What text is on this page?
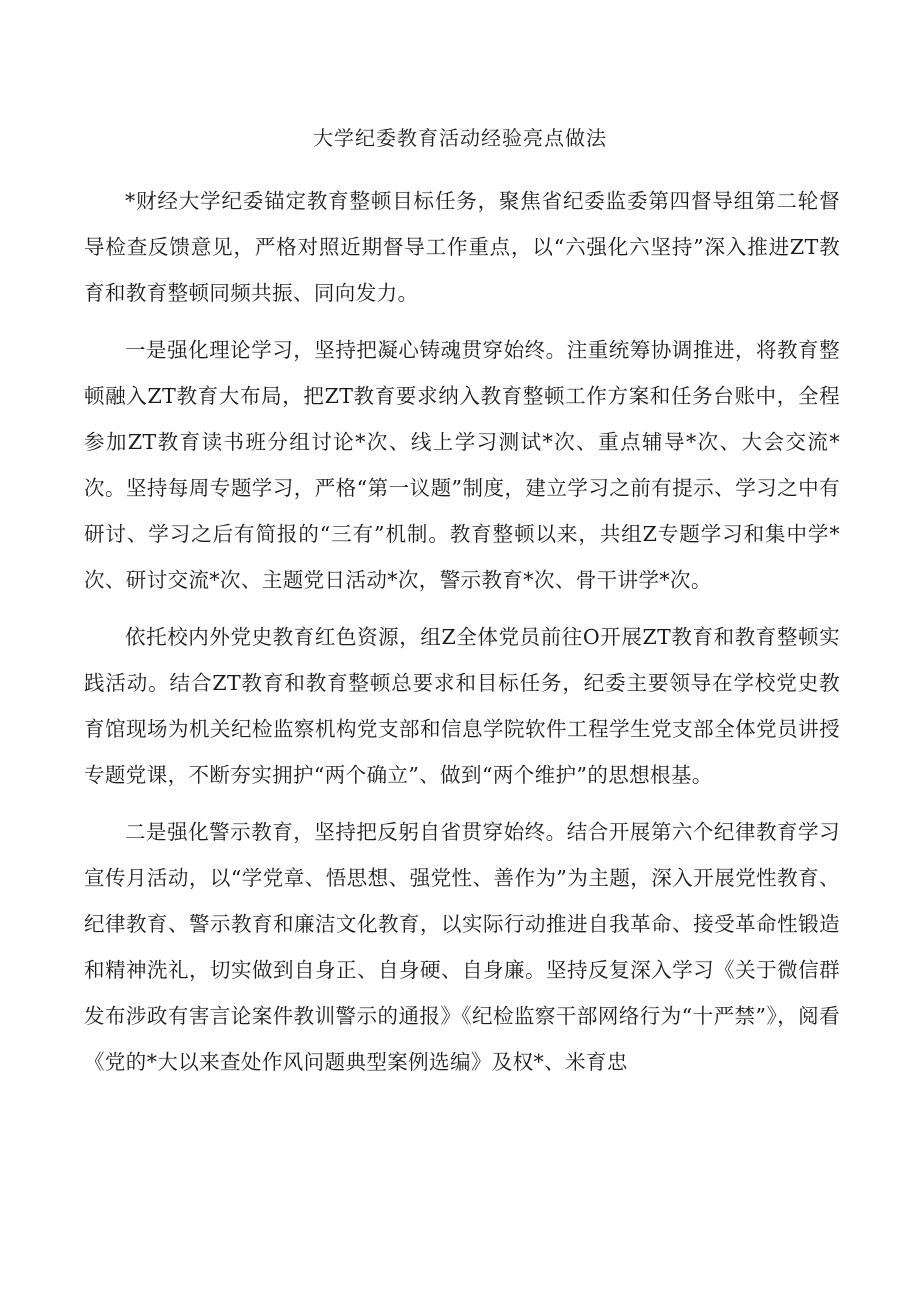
大学纪委教育活动经验亮点做法

*财经大学纪委锚定教育整顿目标任务，聚焦省纪委监委第四督导组第二轮督导检查反馈意见，严格对照近期督导工作重点，以“六强化六坚持”深入推进ZT教育和教育整顿同频共振、同向发力。

一是强化理论学习，坚持把凝心铸魂贯穿始终。注重统筹协调推进，将教育整顿融入ZT教育大布局，把ZT教育要求纳入教育整顿工作方案和任务台账中，全程参加ZT教育读书班分组讨论*次、线上学习测试*次、重点辅导*次、大会交流*次。坚持每周专题学习，严格“第一议题”制度，建立学习之前有提示、学习之中有研讨、学习之后有简报的“三有”机制。教育整顿以来，共组Z专题学习和集中学*次、研讨交流*次、主题党日活动*次，警示教育*次、骨干讲学*次。

依托校内外党史教育红色资源，组Z全体党员前往O开展ZT教育和教育整顿实践活动。结合ZT教育和教育整顿总要求和目标任务，纪委主要领导在学校党史教育馆现场为机关纪检监察机构党支部和信息学院软件工程学生党支部全体党员讲授专题党课，不断夯实拥护“两个确立”、做到“两个维护”的思想根基。

二是强化警示教育，坚持把反躬自省贯穿始终。结合开展第六个纪律教育学习宣传月活动，以“学党章、悟思想、强党性、善作为”为主题，深入开展党性教育、纪律教育、警示教育和廉洁文化教育，以实际行动推进自我革命、接受革命性锻造和精神洗礼，切实做到自身正、自身硬、自身廉。坚持反复深入学习《关于微信群发布涉政有害言论案件教训警示的通报》《纪检监察干部网络行为“十严禁”》，阅看《党的*大以来查处作风问题典型案例选编》及权*、米育忠
